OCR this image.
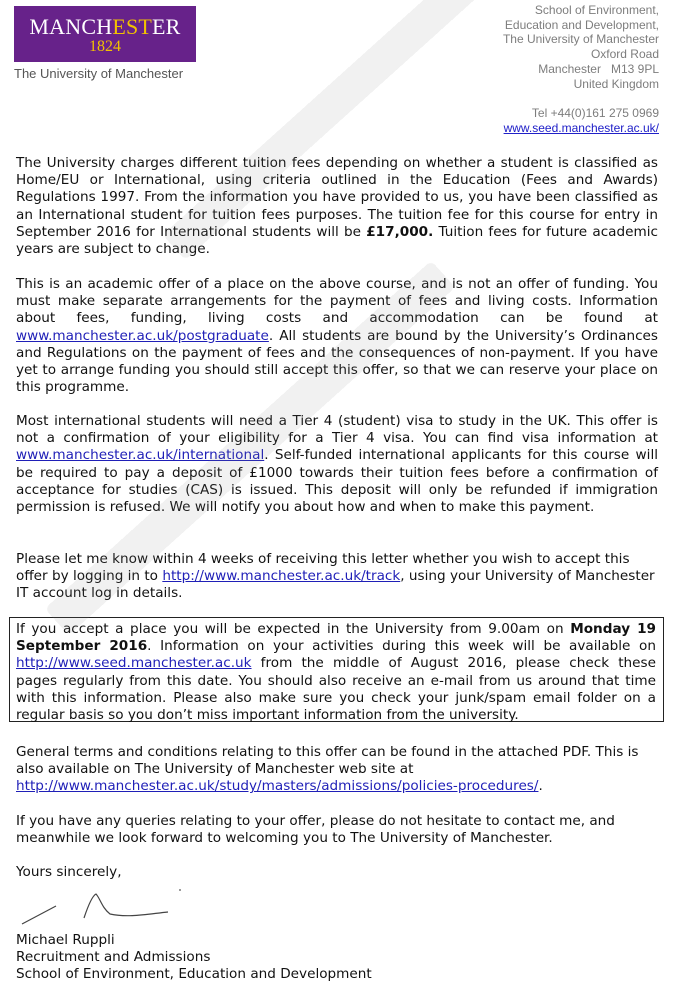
MANCHESTER
1824
The University of Manchester
School of Environment,
Education and Development,
The University of Manchester
Oxford Road
Manchester   M13 9PL
United Kingdom
Tel +44(0)161 275 0969
www.seed.manchester.ac.uk/

The University charges different tuition fees depending on whether a student is classified as Home/EU or International, using criteria outlined in the Education (Fees and Awards) Regulations 1997. From the information you have provided to us, you have been classified as an International student for tuition fees purposes. The tuition fee for this course for entry in September 2016 for International students will be £17,000. Tuition fees for future academic years are subject to change.

This is an academic offer of a place on the above course, and is not an offer of funding. You must make separate arrangements for the payment of fees and living costs. Information about fees, funding, living costs and accommodation can be found at www.manchester.ac.uk/postgraduate. All students are bound by the University’s Ordinances and Regulations on the payment of fees and the consequences of non-payment. If you have yet to arrange funding you should still accept this offer, so that we can reserve your place on this programme.

Most international students will need a Tier 4 (student) visa to study in the UK. This offer is not a confirmation of your eligibility for a Tier 4 visa. You can find visa information at www.manchester.ac.uk/international. Self-funded international applicants for this course will be required to pay a deposit of £1000 towards their tuition fees before a confirmation of acceptance for studies (CAS) is issued. This deposit will only be refunded if immigration permission is refused. We will notify you about how and when to make this payment.

Please let me know within 4 weeks of receiving this letter whether you wish to accept this offer by logging in to http://www.manchester.ac.uk/track, using your University of Manchester IT account log in details.

If you accept a place you will be expected in the University from 9.00am on Monday 19 September 2016. Information on your activities during this week will be available on http://www.seed.manchester.ac.uk from the middle of August 2016, please check these pages regularly from this date. You should also receive an e-mail from us around that time with this information. Please also make sure you check your junk/spam email folder on a regular basis so you don’t miss important information from the university.

General terms and conditions relating to this offer can be found in the attached PDF. This is also available on The University of Manchester web site at http://www.manchester.ac.uk/study/masters/admissions/policies-procedures/.

If you have any queries relating to your offer, please do not hesitate to contact me, and meanwhile we look forward to welcoming you to The University of Manchester.

Yours sincerely,

Michael Ruppli

Recruitment and Admissions

School of Environment, Education and Development
